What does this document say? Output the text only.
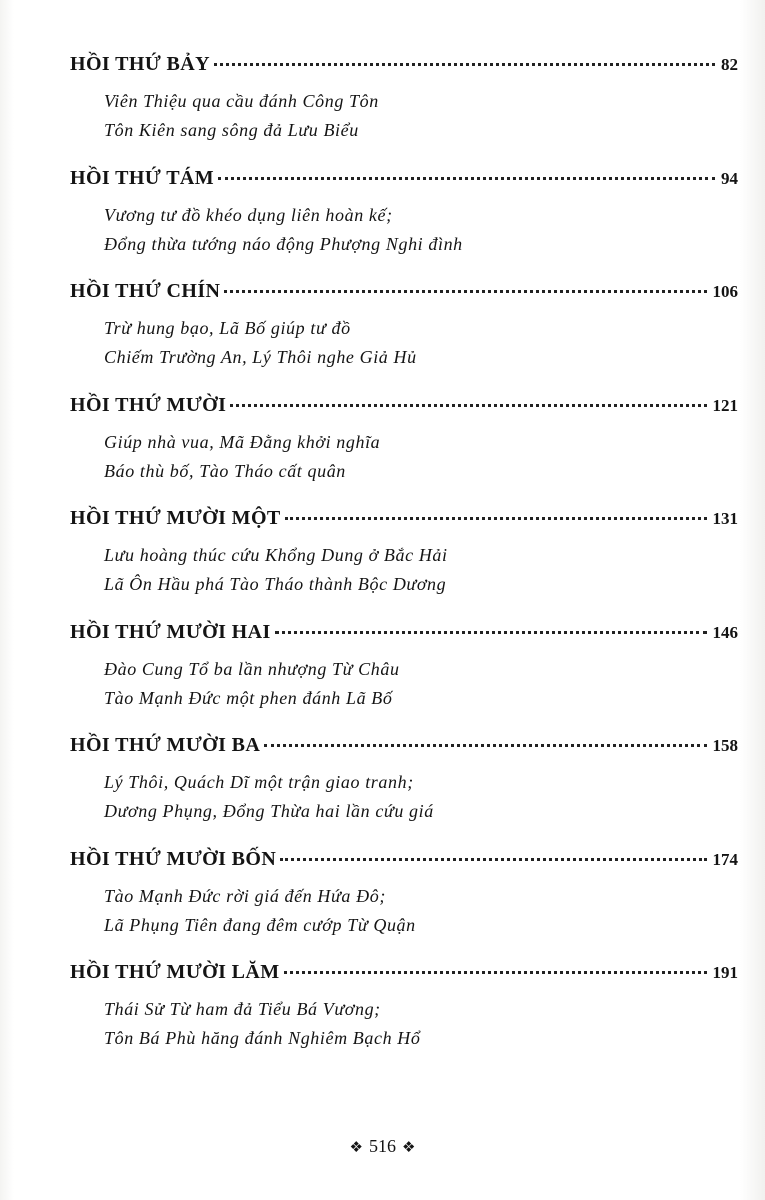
HỒI THỨ BẢY	82
Viên Thiệu qua cầu đánh Công Tôn
Tôn Kiên sang sông đả Lưu Biểu
HỒI THỨ TÁM	94
Vương tư đồ khéo dụng liên hoàn kế;
Đổng thừa tướng náo động Phượng Nghi đình
HỒI THỨ CHÍN	106
Trừ hung bạo, Lã Bố giúp tư đồ
Chiếm Trường An, Lý Thôi nghe Giả Hủ
HỒI THỨ MƯỜI	121
Giúp nhà vua, Mã Đằng khởi nghĩa
Báo thù bố, Tào Tháo cất quân
HỒI THỨ MƯỜI MỘT	131
Lưu hoàng thúc cứu Khổng Dung ở Bắc Hải
Lã Ôn Hầu phá Tào Tháo thành Bộc Dương
HỒI THỨ MƯỜI HAI	146
Đào Cung Tổ ba lần nhượng Từ Châu
Tào Mạnh Đức một phen đánh Lã Bố
HỒI THỨ MƯỜI BA	158
Lý Thôi, Quách Dĩ một trận giao tranh;
Dương Phụng, Đổng Thừa hai lần cứu giá
HỒI THỨ MƯỜI BỐN	174
Tào Mạnh Đức rời giá đến Hứa Đô;
Lã Phụng Tiên đang đêm cướp Từ Quận
HỒI THỨ MƯỜI LĂM	191
Thái Sử Từ ham đả Tiểu Bá Vương;
Tôn Bá Phù hăng đánh Nghiêm Bạch Hổ
❖ 516 ❖
